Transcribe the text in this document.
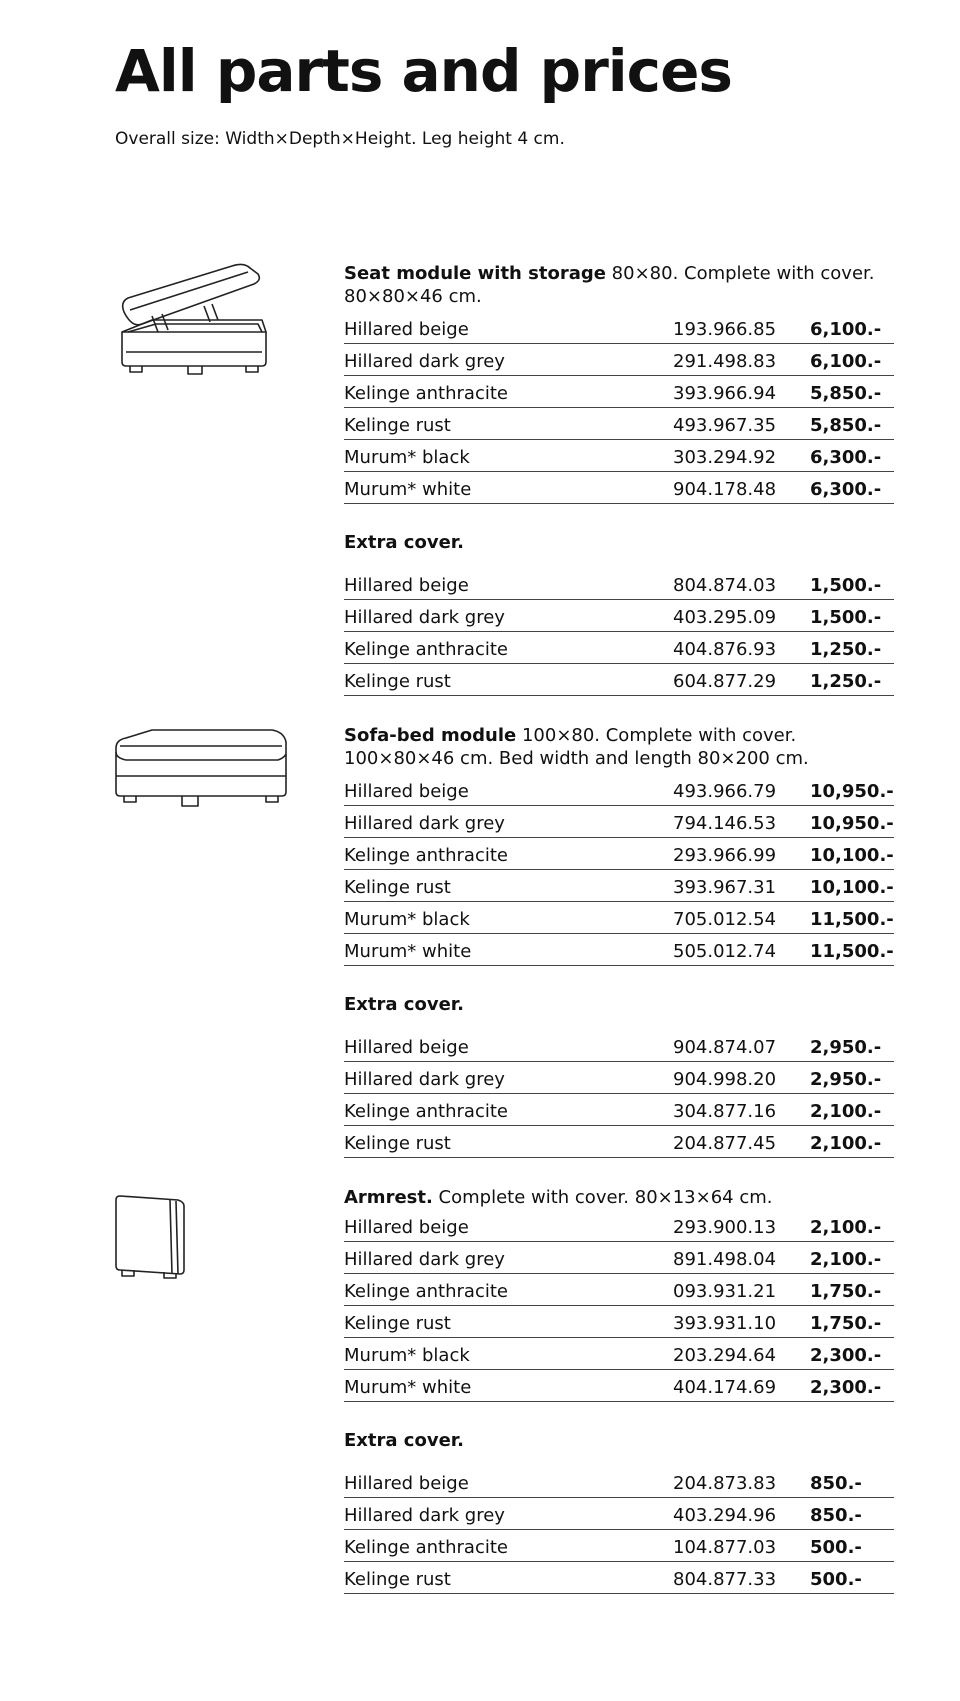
All parts and prices

Overall size: Width×Depth×Height. Leg height 4 cm.

Seat module with storage 80×80. Complete with cover.
80×80×46 cm.
Hillared beige	193.966.85 6,100.-
Hillared dark grey	291.498.83 6,100.-
Kelinge anthracite	393.966.94 5,850.-
Kelinge rust	493.967.35 5,850.-
Murum* black	303.294.92 6,300.-
Murum* white	904.178.48 6,300.-
Extra cover.
Hillared beige	804.874.03 1,500.-
Hillared dark grey	403.295.09 1,500.-
Kelinge anthracite	404.876.93 1,250.-
Kelinge rust	604.877.29 1,250.-
Sofa-bed module 100×80. Complete with cover.
100×80×46 cm. Bed width and length 80×200 cm.
Hillared beige	493.966.79 10,950.-
Hillared dark grey	794.146.53 10,950.-
Kelinge anthracite	293.966.99 10,100.-
Kelinge rust	393.967.31 10,100.-
Murum* black	705.012.54 11,500.-
Murum* white	505.012.74 11,500.-
Extra cover.
Hillared beige	904.874.07 2,950.-
Hillared dark grey	904.998.20 2,950.-
Kelinge anthracite	304.877.16 2,100.-
Kelinge rust	204.877.45 2,100.-
Armrest. Complete with cover. 80×13×64 cm.
Hillared beige	293.900.13 2,100.-
Hillared dark grey	891.498.04 2,100.-
Kelinge anthracite	093.931.21 1,750.-
Kelinge rust	393.931.10 1,750.-
Murum* black	203.294.64 2,300.-
Murum* white	404.174.69 2,300.-
Extra cover.
Hillared beige	204.873.83 850.-
Hillared dark grey	403.294.96 850.-
Kelinge anthracite	104.877.03 500.-
Kelinge rust	804.877.33 500.-
